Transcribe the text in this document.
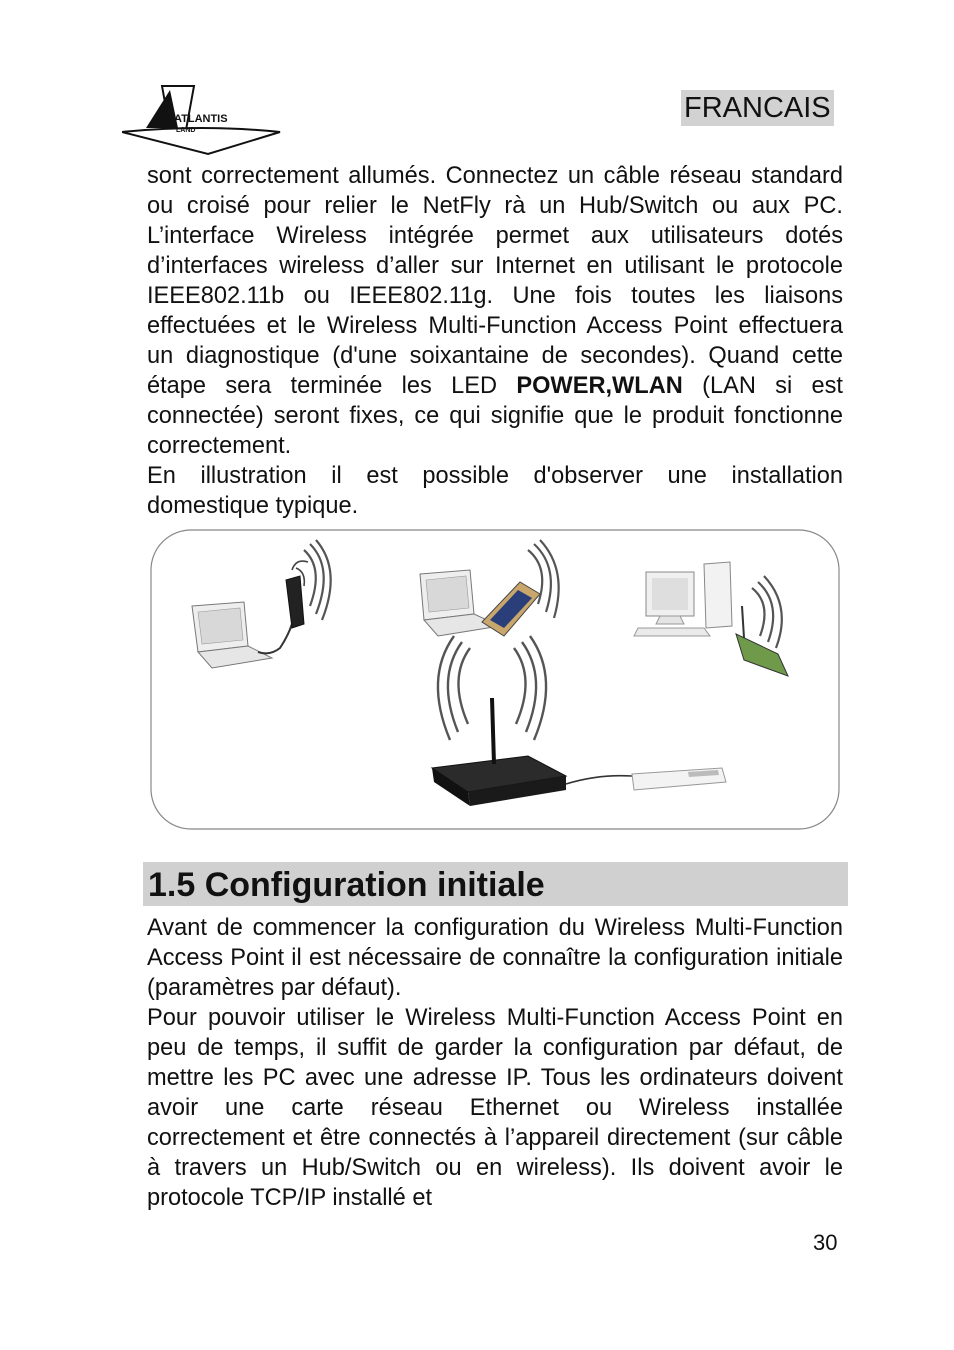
ATLANTIS
LAND
FRANCAIS

sont correctement allumés. Connectez un câble réseau standard ou croisé pour relier le NetFly rà un Hub/Switch ou aux PC. L’interface Wireless intégrée permet aux utilisateurs dotés d’interfaces wireless d’aller sur Internet en utilisant le protocole IEEE802.11b ou IEEE802.11g. Une fois toutes les liaisons effectuées et le Wireless Multi-Function Access Point effectuera un diagnostique (d'une soixantaine de secondes). Quand cette étape sera terminée les LED POWER,WLAN (LAN si est connectée) seront fixes, ce qui signifie que le produit fonctionne correctement.
En illustration il est possible d'observer une installation domestique typique.

1.5 Configuration initiale

Avant de commencer la configuration du Wireless Multi-Function Access Point il est nécessaire de connaître la configuration initiale (paramètres par défaut).
Pour pouvoir utiliser le Wireless Multi-Function Access Point en peu de temps, il suffit de garder la configuration par défaut, de mettre les PC avec une adresse IP. Tous les ordinateurs doivent avoir une carte réseau Ethernet ou Wireless installée correctement et être connectés à l’appareil directement (sur câble à travers un Hub/Switch ou en wireless). Ils doivent avoir le protocole TCP/IP installé et

30
